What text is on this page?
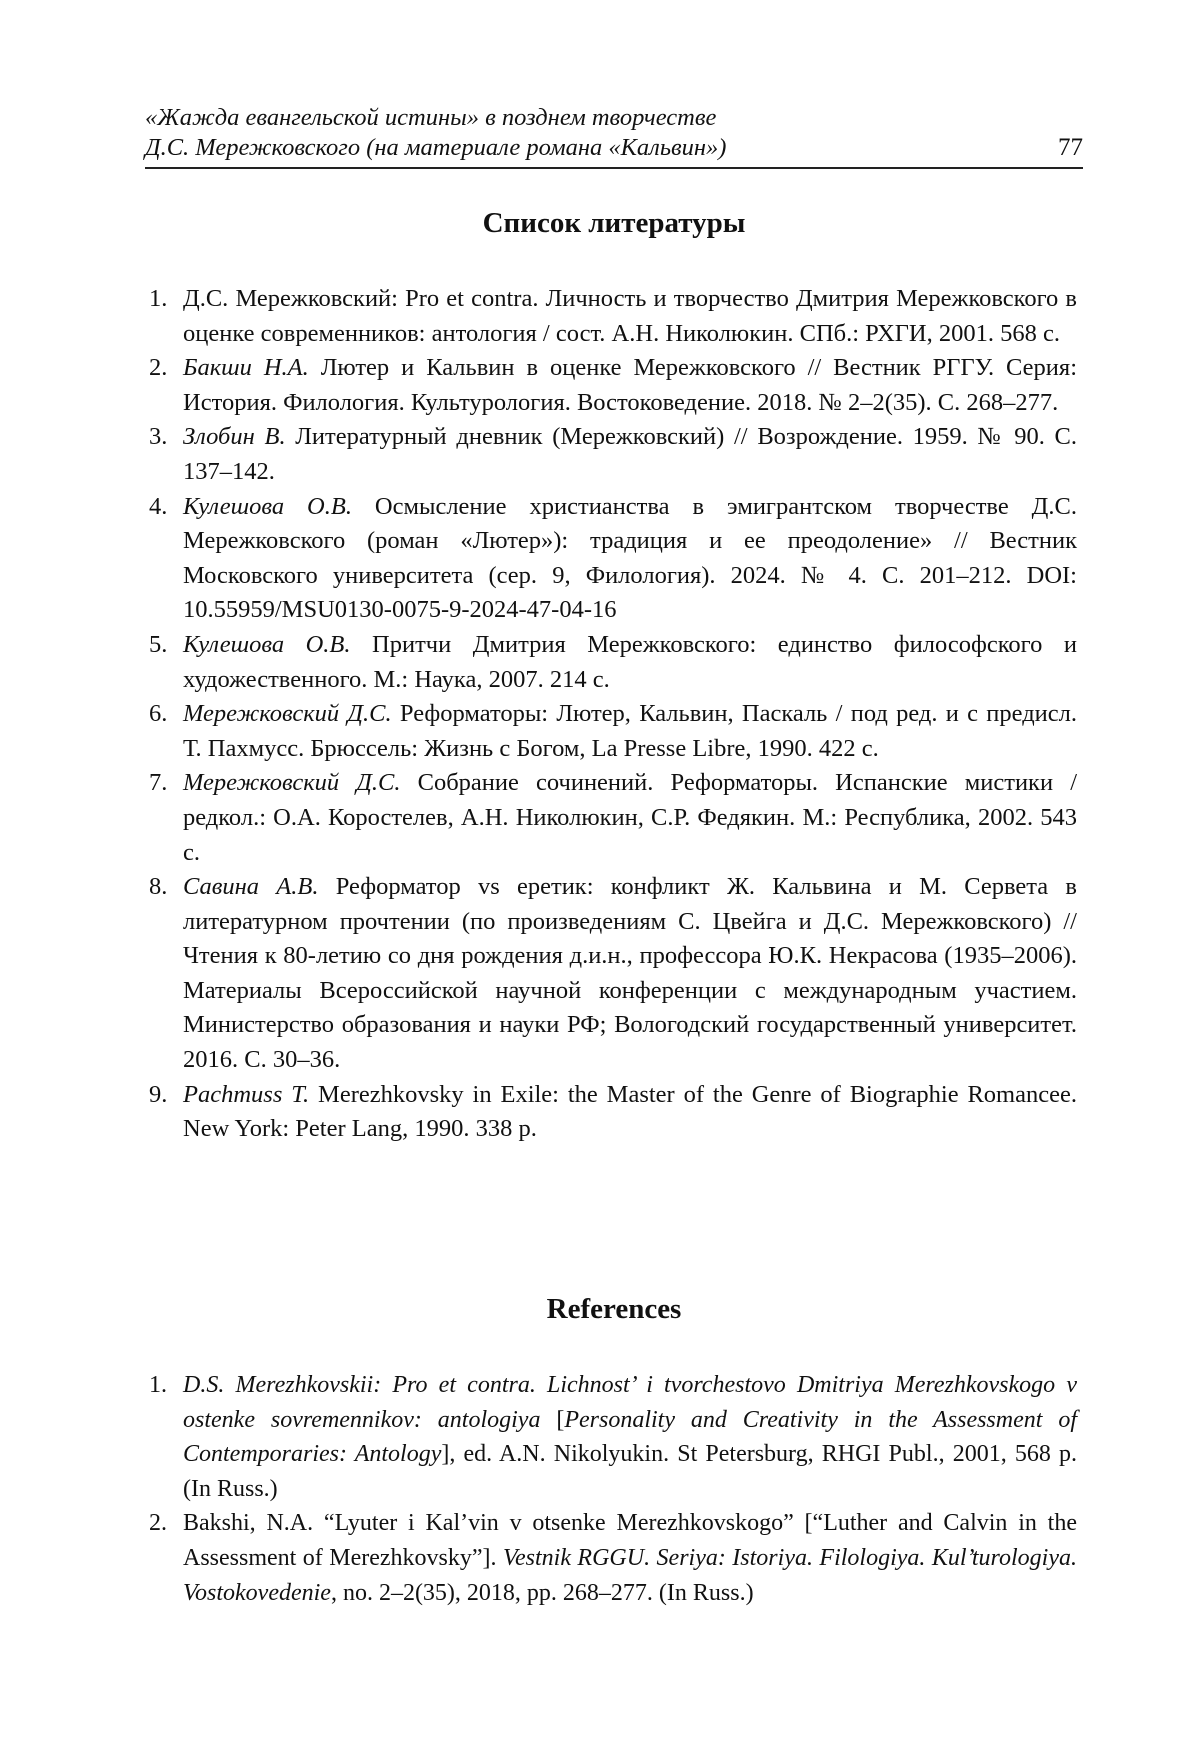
«Жажда евангельской истины» в позднем творчестве
Д.С. Мережковского (на материале романа «Кальвин»)	77
Список литературы
1. Д.С. Мережковский: Pro et contra. Личность и творчество Дмитрия Мережковского в оценке современников: антология / сост. А.Н. Николюкин. СПб.: РХГИ, 2001. 568 с.
2. Бакши Н.А. Лютер и Кальвин в оценке Мережковского // Вестник РГГУ. Серия: История. Филология. Культурология. Востоковедение. 2018. № 2–2(35). С. 268–277.
3. Злобин В. Литературный дневник (Мережковский) // Возрождение. 1959. № 90. С. 137–142.
4. Кулешова О.В. Осмысление христианства в эмигрантском творчестве Д.С. Мережковского (роман «Лютер»): традиция и ее преодоление» // Вестник Московского университета (сер. 9, Филология). 2024. № 4. С. 201–212. DOI: 10.55959/MSU0130-0075-9-2024-47-04-16
5. Кулешова О.В. Притчи Дмитрия Мережковского: единство философского и художественного. М.: Наука, 2007. 214 с.
6. Мережковский Д.С. Реформаторы: Лютер, Кальвин, Паскаль / под ред. и с предисл. Т. Пахмусс. Брюссель: Жизнь с Богом, La Presse Libre, 1990. 422 с.
7. Мережковский Д.С. Собрание сочинений. Реформаторы. Испанские мистики / редкол.: О.А. Коростелев, А.Н. Николюкин, С.Р. Федякин. М.: Республика, 2002. 543 с.
8. Савина А.В. Реформатор vs еретик: конфликт Ж. Кальвина и М. Сервета в литературном прочтении (по произведениям С. Цвейга и Д.С. Мережковского) // Чтения к 80-летию со дня рождения д.и.н., профессора Ю.К. Некрасова (1935–2006). Материалы Всероссийской научной конференции с международным участием. Министерство образования и науки РФ; Вологодский государственный университет. 2016. С. 30–36.
9. Pachmuss T. Merezhkovsky in Exile: the Master of the Genre of Biographie Romancee. New York: Peter Lang, 1990. 338 p.
References
1. D.S. Merezhkovskii: Pro et contra. Lichnost’ i tvorchestovo Dmitriya Merezhkovskogo v ostenke sovremennikov: antologiya [Personality and Creativity in the Assessment of Contemporaries: Antology], ed. A.N. Nikolyukin. St Petersburg, RHGI Publ., 2001, 568 p. (In Russ.)
2. Bakshi, N.A. “Lyuter i Kal’vin v otsenke Merezhkovskogo” [“Luther and Calvin in the Assessment of Merezhkovsky”]. Vestnik RGGU. Seriya: Istoriya. Filologiya. Kul’turologiya. Vostokovedenie, no. 2–2(35), 2018, pp. 268–277. (In Russ.)
